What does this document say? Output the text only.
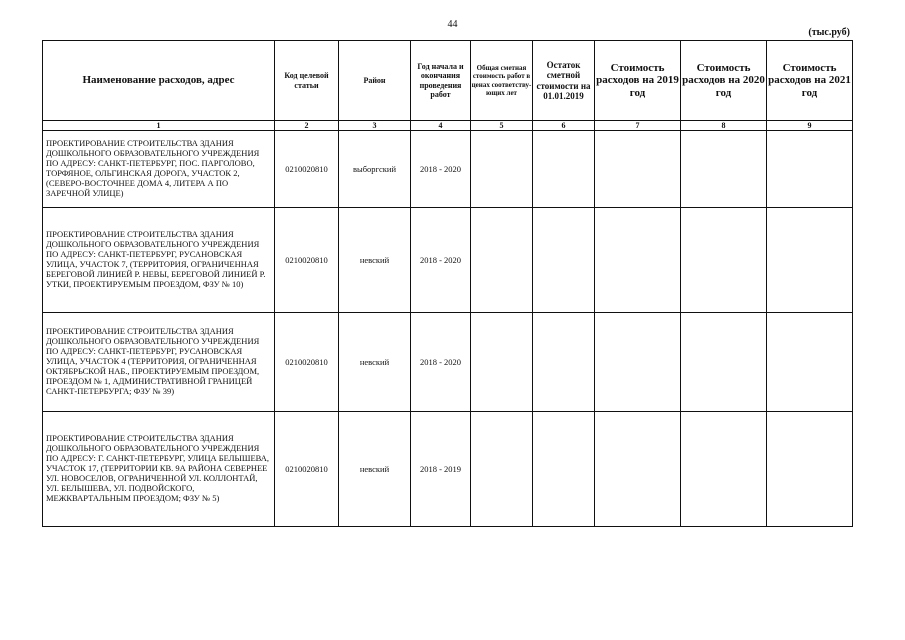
44
(тыс.руб)
Наименование расходов, адрес	Код целевой статьи	Район	Год начала и окончания проведения работ	Общая сметная стоимость работ в ценах соответству-ющих лет	Остаток сметной стоимости на 01.01.2019	Стоимость расходов на 2019 год	Стоимость расходов на 2020 год	Стоимость расходов на 2021 год
1	2	3	4	5	6	7	8	9
ПРОЕКТИРОВАНИЕ СТРОИТЕЛЬСТВА ЗДАНИЯ ДОШКОЛЬНОГО ОБРАЗОВАТЕЛЬНОГО УЧРЕЖДЕНИЯ ПО АДРЕСУ: САНКТ-ПЕТЕРБУРГ, ПОС. ПАРГОЛОВО, ТОРФЯНОЕ, ОЛЬГИНСКАЯ ДОРОГА, УЧАСТОК 2, (СЕВЕРО-ВОСТОЧНЕЕ ДОМА 4, ЛИТЕРА А ПО ЗАРЕЧНОЙ УЛИЦЕ)	0210020810	выборгский	2018 - 2020					
ПРОЕКТИРОВАНИЕ СТРОИТЕЛЬСТВА ЗДАНИЯ ДОШКОЛЬНОГО ОБРАЗОВАТЕЛЬНОГО УЧРЕЖДЕНИЯ ПО АДРЕСУ: САНКТ-ПЕТЕРБУРГ, РУСАНОВСКАЯ УЛИЦА, УЧАСТОК 7, (ТЕРРИТОРИЯ, ОГРАНИЧЕННАЯ БЕРЕГОВОЙ ЛИНИЕЙ Р. НЕВЫ, БЕРЕГОВОЙ ЛИНИЕЙ Р. УТКИ, ПРОЕКТИРУЕМЫМ ПРОЕЗДОМ, ФЗУ № 10)	0210020810	невский	2018 - 2020					
ПРОЕКТИРОВАНИЕ СТРОИТЕЛЬСТВА ЗДАНИЯ ДОШКОЛЬНОГО ОБРАЗОВАТЕЛЬНОГО УЧРЕЖДЕНИЯ ПО АДРЕСУ: САНКТ-ПЕТЕРБУРГ, РУСАНОВСКАЯ УЛИЦА, УЧАСТОК 4 (ТЕРРИТОРИЯ, ОГРАНИЧЕННАЯ ОКТЯБРЬСКОЙ НАБ., ПРОЕКТИРУЕМЫМ ПРОЕЗДОМ, ПРОЕЗДОМ № 1, АДМИНИСТРАТИВНОЙ ГРАНИЦЕЙ САНКТ-ПЕТЕРБУРГА; ФЗУ № 39)	0210020810	невский	2018 - 2020					
ПРОЕКТИРОВАНИЕ СТРОИТЕЛЬСТВА ЗДАНИЯ ДОШКОЛЬНОГО ОБРАЗОВАТЕЛЬНОГО УЧРЕЖДЕНИЯ ПО АДРЕСУ: Г. САНКТ-ПЕТЕРБУРГ, УЛИЦА БЕЛЫШЕВА, УЧАСТОК 17, (ТЕРРИТОРИИ КВ. 9А РАЙОНА СЕВЕРНЕЕ УЛ. НОВОСЕЛОВ, ОГРАНИЧЕННОЙ УЛ. КОЛЛОНТАЙ, УЛ. БЕЛЫШЕВА, УЛ. ПОДВОЙСКОГО, МЕЖКВАРТАЛЬНЫМ ПРОЕЗДОМ; ФЗУ № 5)	0210020810	невский	2018 - 2019					
